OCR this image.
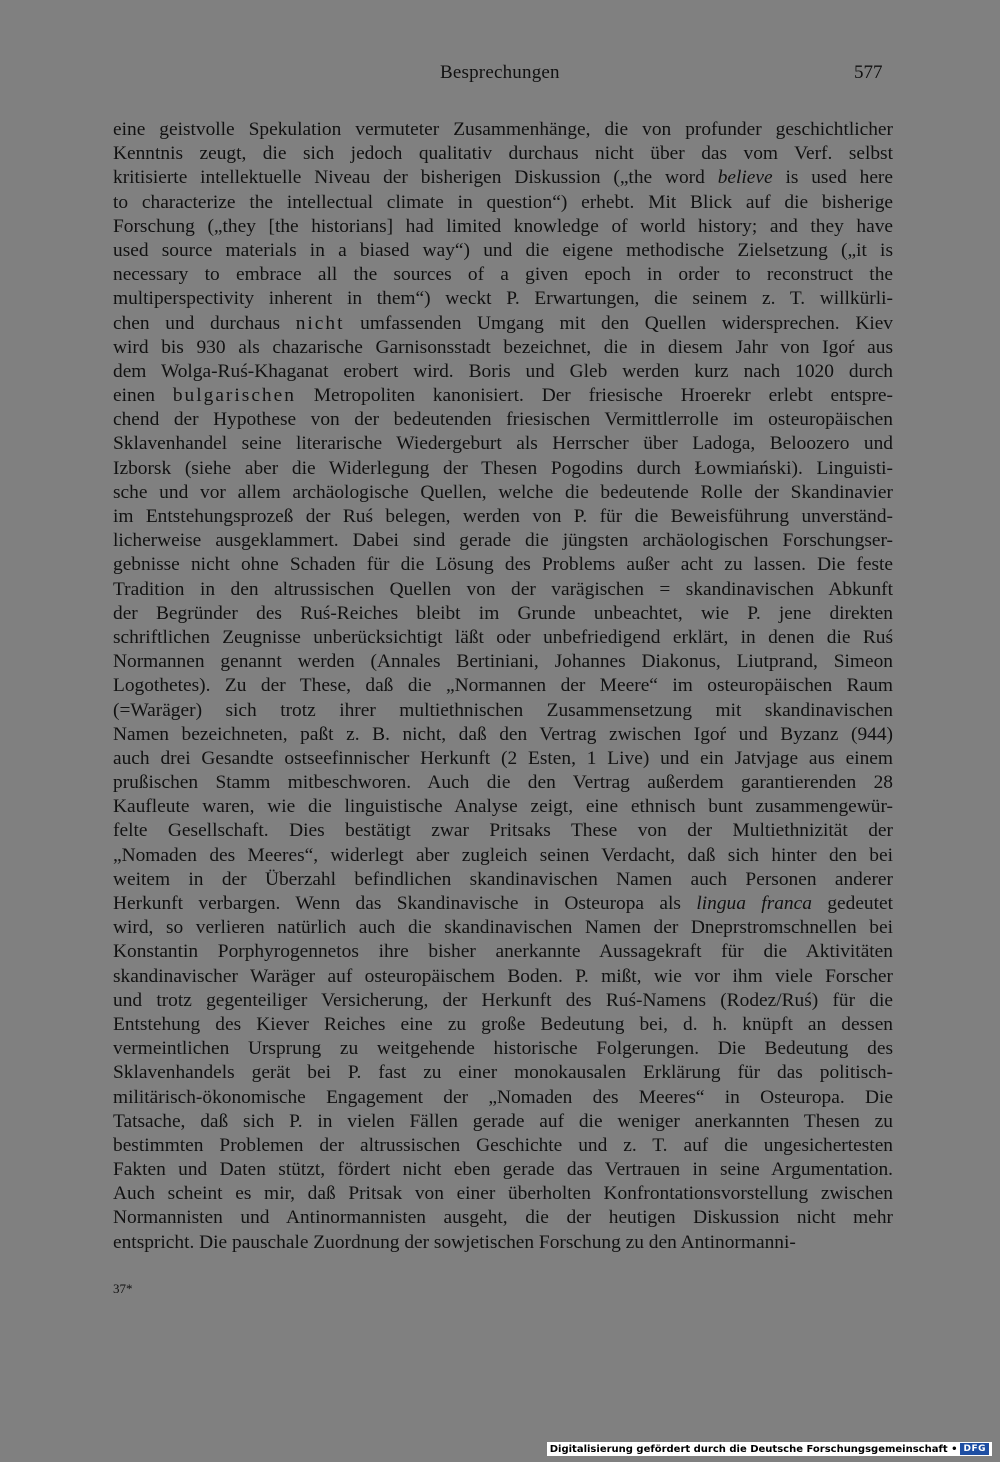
Besprechungen	577
eine geistvolle Spekulation vermuteter Zusammenhänge, die von profunder geschichtlicher
Kenntnis zeugt, die sich jedoch qualitativ durchaus nicht über das vom Verf. selbst
kritisierte intellektuelle Niveau der bisherigen Diskussion („the word believe is used here
to characterize the intellectual climate in question“) erhebt. Mit Blick auf die bisherige
Forschung („they [the historians] had limited knowledge of world history; and they have
used source materials in a biased way“) und die eigene methodische Zielsetzung („it is
necessary to embrace all the sources of a given epoch in order to reconstruct the
multiperspectivity inherent in them“) weckt P. Erwartungen, die seinem z. T. willkürli-
chen und durchaus nicht umfassenden Umgang mit den Quellen widersprechen. Kiev
wird bis 930 als chazarische Garnisonsstadt bezeichnet, die in diesem Jahr von Igoŕ aus
dem Wolga-Ruś-Khaganat erobert wird. Boris und Gleb werden kurz nach 1020 durch
einen bulgarischen Metropoliten kanonisiert. Der friesische Hroerekr erlebt entspre-
chend der Hypothese von der bedeutenden friesischen Vermittlerrolle im osteuropäischen
Sklavenhandel seine literarische Wiedergeburt als Herrscher über Ladoga, Beloozero und
Izborsk (siehe aber die Widerlegung der Thesen Pogodins durch Łowmiański). Linguisti-
sche und vor allem archäologische Quellen, welche die bedeutende Rolle der Skandinavier
im Entstehungsprozeß der Ruś belegen, werden von P. für die Beweisführung unverständ-
licherweise ausgeklammert. Dabei sind gerade die jüngsten archäologischen Forschungser-
gebnisse nicht ohne Schaden für die Lösung des Problems außer acht zu lassen. Die feste
Tradition in den altrussischen Quellen von der varägischen = skandinavischen Abkunft
der Begründer des Ruś-Reiches bleibt im Grunde unbeachtet, wie P. jene direkten
schriftlichen Zeugnisse unberücksichtigt läßt oder unbefriedigend erklärt, in denen die Ruś
Normannen genannt werden (Annales Bertiniani, Johannes Diakonus, Liutprand, Simeon
Logothetes). Zu der These, daß die „Normannen der Meere“ im osteuropäischen Raum
(=Waräger) sich trotz ihrer multiethnischen Zusammensetzung mit skandinavischen
Namen bezeichneten, paßt z. B. nicht, daß den Vertrag zwischen Igoŕ und Byzanz (944)
auch drei Gesandte ostseefinnischer Herkunft (2 Esten, 1 Live) und ein Jatvjage aus einem
prußischen Stamm mitbeschworen. Auch die den Vertrag außerdem garantierenden 28
Kaufleute waren, wie die linguistische Analyse zeigt, eine ethnisch bunt zusammengewür-
felte Gesellschaft. Dies bestätigt zwar Pritsaks These von der Multiethnizität der
„Nomaden des Meeres“, widerlegt aber zugleich seinen Verdacht, daß sich hinter den bei
weitem in der Überzahl befindlichen skandinavischen Namen auch Personen anderer
Herkunft verbargen. Wenn das Skandinavische in Osteuropa als lingua franca gedeutet
wird, so verlieren natürlich auch die skandinavischen Namen der Dneprstromschnellen bei
Konstantin Porphyrogennetos ihre bisher anerkannte Aussagekraft für die Aktivitäten
skandinavischer Waräger auf osteuropäischem Boden. P. mißt, wie vor ihm viele Forscher
und trotz gegenteiliger Versicherung, der Herkunft des Ruś-Namens (Rodez/Ruś) für die
Entstehung des Kiever Reiches eine zu große Bedeutung bei, d. h. knüpft an dessen
vermeintlichen Ursprung zu weitgehende historische Folgerungen. Die Bedeutung des
Sklavenhandels gerät bei P. fast zu einer monokausalen Erklärung für das politisch-
militärisch-ökonomische Engagement der „Nomaden des Meeres“ in Osteuropa. Die
Tatsache, daß sich P. in vielen Fällen gerade auf die weniger anerkannten Thesen zu
bestimmten Problemen der altrussischen Geschichte und z. T. auf die ungesichertesten
Fakten und Daten stützt, fördert nicht eben gerade das Vertrauen in seine Argumentation.
Auch scheint es mir, daß Pritsak von einer überholten Konfrontationsvorstellung zwischen
Normannisten und Antinormannisten ausgeht, die der heutigen Diskussion nicht mehr
entspricht. Die pauschale Zuordnung der sowjetischen Forschung zu den Antinormanni-
37*
Digitalisierung gefördert durch die Deutsche Forschungsgemeinschaft • DFG
